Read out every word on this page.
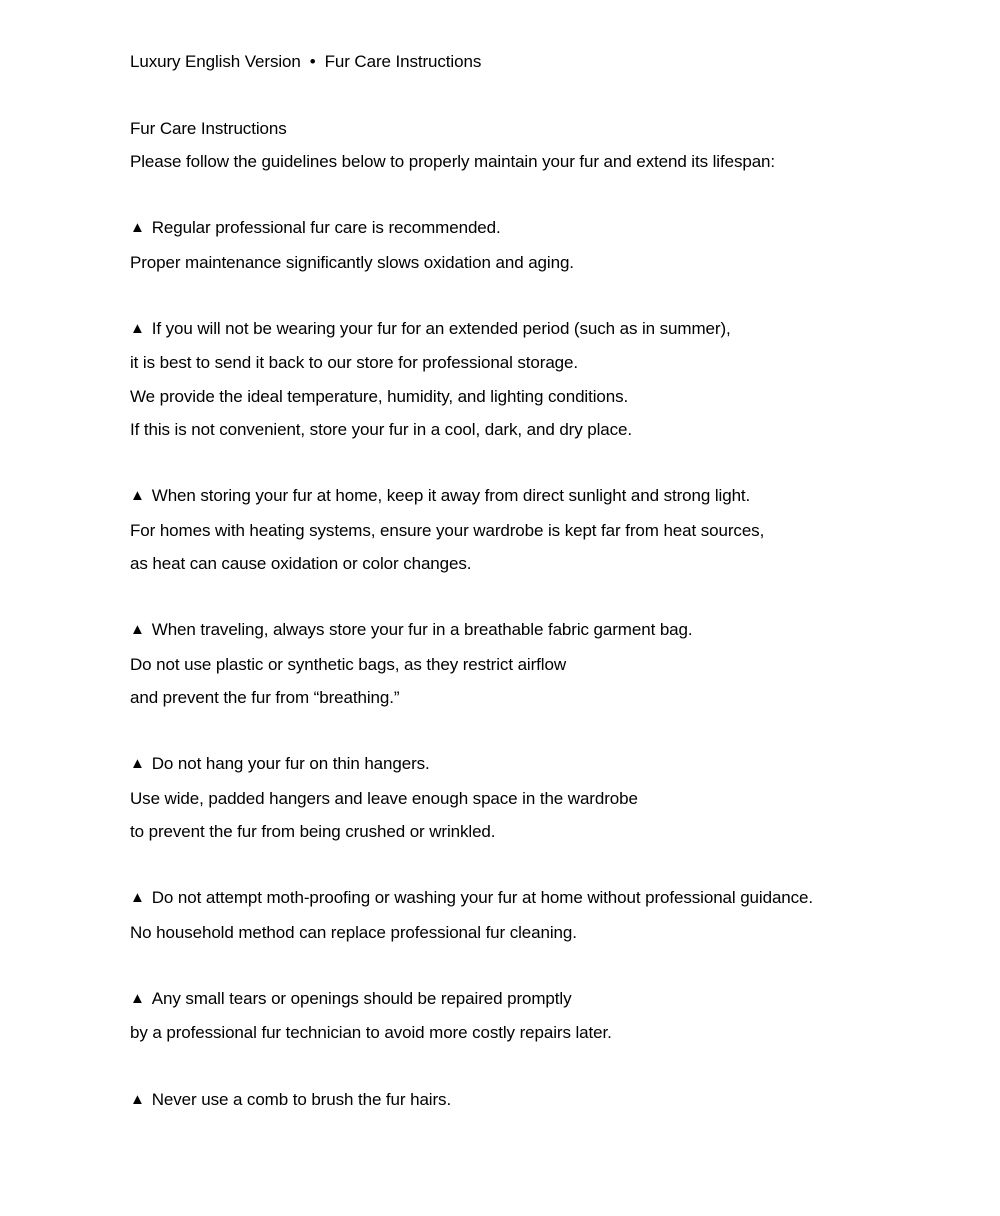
Luxury English Version • Fur Care Instructions

Fur Care Instructions

Please follow the guidelines below to properly maintain your fur and extend its lifespan:

▲ Regular professional fur care is recommended.

Proper maintenance significantly slows oxidation and aging.

▲ If you will not be wearing your fur for an extended period (such as in summer),

it is best to send it back to our store for professional storage.

We provide the ideal temperature, humidity, and lighting conditions.

If this is not convenient, store your fur in a cool, dark, and dry place.

▲ When storing your fur at home, keep it away from direct sunlight and strong light.

For homes with heating systems, ensure your wardrobe is kept far from heat sources,

as heat can cause oxidation or color changes.

▲ When traveling, always store your fur in a breathable fabric garment bag.

Do not use plastic or synthetic bags, as they restrict airflow

and prevent the fur from “breathing.”

▲ Do not hang your fur on thin hangers.

Use wide, padded hangers and leave enough space in the wardrobe

to prevent the fur from being crushed or wrinkled.

▲ Do not attempt moth-proofing or washing your fur at home without professional guidance.

No household method can replace professional fur cleaning.

▲ Any small tears or openings should be repaired promptly

by a professional fur technician to avoid more costly repairs later.

▲ Never use a comb to brush the fur hairs.
